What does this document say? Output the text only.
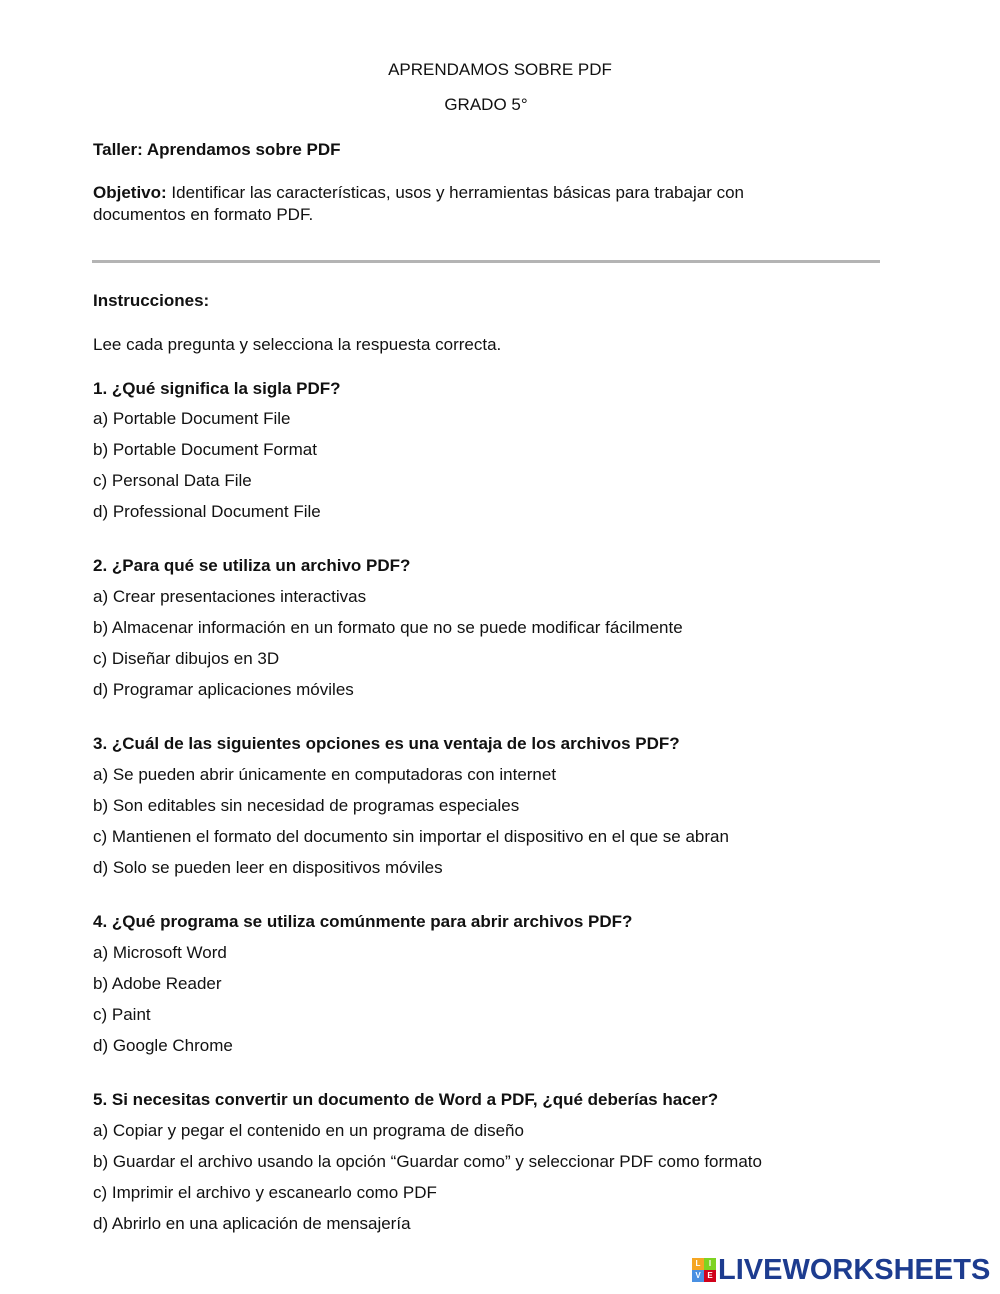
APRENDAMOS SOBRE PDF
GRADO 5°
Taller: Aprendamos sobre PDF
Objetivo: Identificar las características, usos y herramientas básicas para trabajar con
documentos en formato PDF.
Instrucciones:
Lee cada pregunta y selecciona la respuesta correcta.
1. ¿Qué significa la sigla PDF?
a) Portable Document File
b) Portable Document Format
c) Personal Data File
d) Professional Document File
2. ¿Para qué se utiliza un archivo PDF?
a) Crear presentaciones interactivas
b) Almacenar información en un formato que no se puede modificar fácilmente
c) Diseñar dibujos en 3D
d) Programar aplicaciones móviles
3. ¿Cuál de las siguientes opciones es una ventaja de los archivos PDF?
a) Se pueden abrir únicamente en computadoras con internet
b) Son editables sin necesidad de programas especiales
c) Mantienen el formato del documento sin importar el dispositivo en el que se abran
d) Solo se pueden leer en dispositivos móviles
4. ¿Qué programa se utiliza comúnmente para abrir archivos PDF?
a) Microsoft Word
b) Adobe Reader
c) Paint
d) Google Chrome
5. Si necesitas convertir un documento de Word a PDF, ¿qué deberías hacer?
a) Copiar y pegar el contenido en un programa de diseño
b) Guardar el archivo usando la opción “Guardar como” y seleccionar PDF como formato
c) Imprimir el archivo y escanearlo como PDF
d) Abrirlo en una aplicación de mensajería
L	I
V E LIVEWORKSHEETS
